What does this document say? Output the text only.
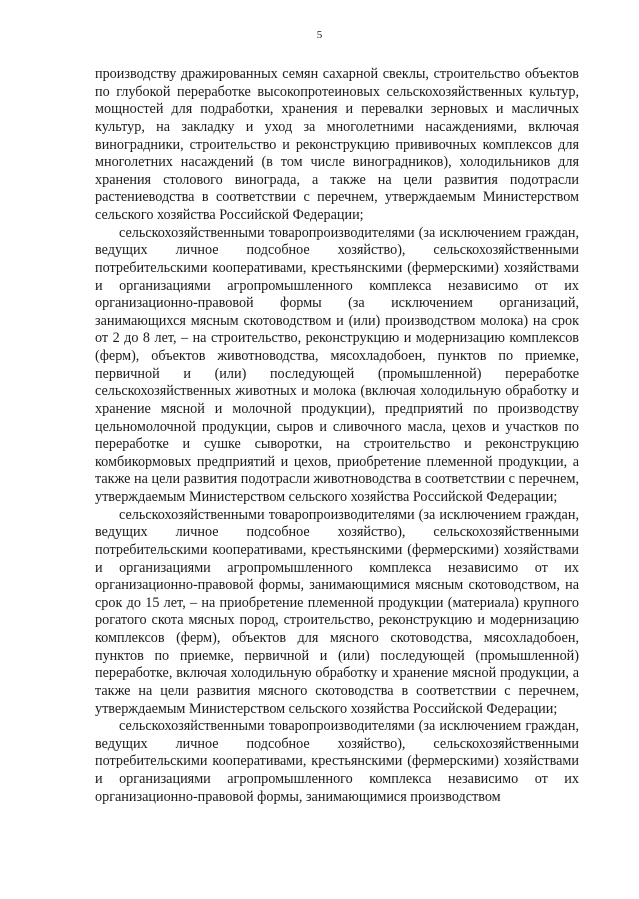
5

производству дражированных семян сахарной свеклы, строительство объектов по глубокой переработке высокопротеиновых сельскохозяйственных культур, мощностей для подработки, хранения и перевалки зерновых и масличных культур, на закладку и уход за многолетними насаждениями, включая виноградники, строительство и реконструкцию прививочных комплексов для многолетних насаждений (в том числе виноградников), холодильников для хранения столового винограда, а также на цели развития подотрасли растениеводства в соответствии с перечнем, утверждаемым Министерством сельского хозяйства Российской Федерации;

сельскохозяйственными товаропроизводителями (за исключением граждан, ведущих личное подсобное хозяйство), сельскохозяйственными потребительскими кооперативами, крестьянскими (фермерскими) хозяйствами и организациями агропромышленного комплекса независимо от их организационно-правовой формы (за исключением организаций, занимающихся мясным скотоводством и (или) производством молока) на срок от 2 до 8 лет, – на строительство, реконструкцию и модернизацию комплексов (ферм), объектов животноводства, мясохладобоен, пунктов по приемке, первичной и (или) последующей (промышленной) переработке сельскохозяйственных животных и молока (включая холодильную обработку и хранение мясной и молочной продукции), предприятий по производству цельномолочной продукции, сыров и сливочного масла, цехов и участков по переработке и сушке сыворотки, на строительство и реконструкцию комбикормовых предприятий и цехов, приобретение племенной продукции, а также на цели развития подотрасли животноводства в соответствии с перечнем, утверждаемым Министерством сельского хозяйства Российской Федерации;

сельскохозяйственными товаропроизводителями (за исключением граждан, ведущих личное подсобное хозяйство), сельскохозяйственными потребительскими кооперативами, крестьянскими (фермерскими) хозяйствами и организациями агропромышленного комплекса независимо от их организационно-правовой формы, занимающимися мясным скотоводством, на срок до 15 лет, – на приобретение племенной продукции (материала) крупного рогатого скота мясных пород, строительство, реконструкцию и модернизацию комплексов (ферм), объектов для мясного скотоводства, мясохладобоен, пунктов по приемке, первичной и (или) последующей (промышленной) переработке, включая холодильную обработку и хранение мясной продукции, а также на цели развития мясного скотоводства в соответствии с перечнем, утверждаемым Министерством сельского хозяйства Российской Федерации;

сельскохозяйственными товаропроизводителями (за исключением граждан, ведущих личное подсобное хозяйство), сельскохозяйственными потребительскими кооперативами, крестьянскими (фермерскими) хозяйствами и организациями агропромышленного комплекса независимо от их организационно-правовой формы, занимающимися производством
